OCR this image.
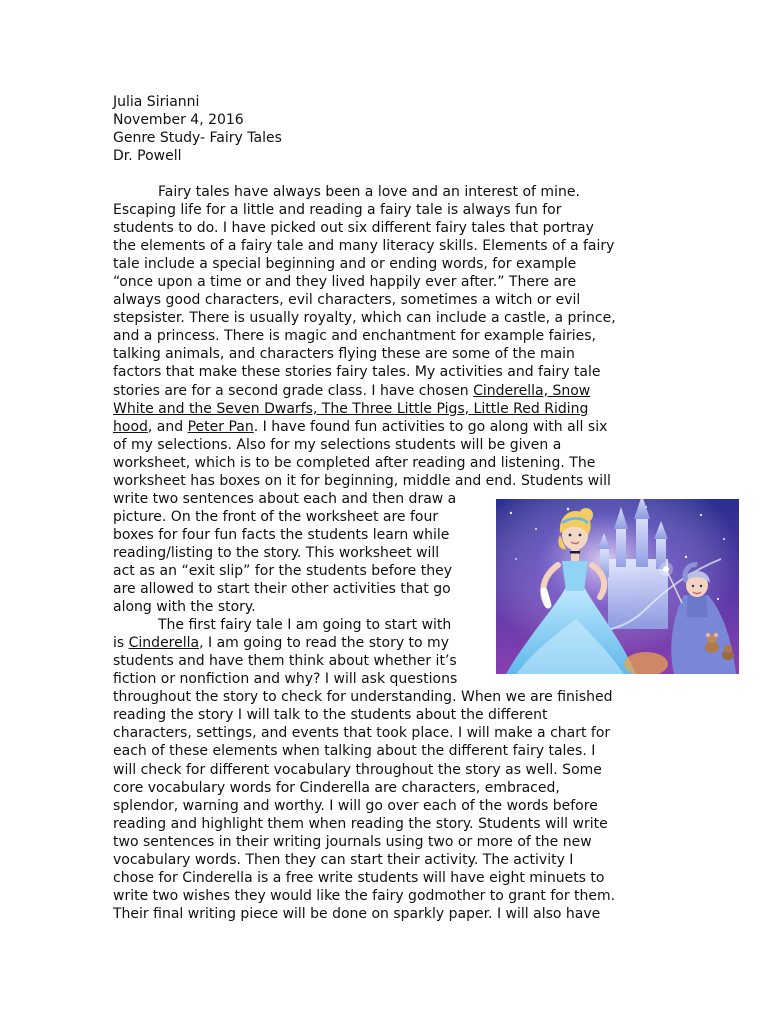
Julia Sirianni
November 4, 2016
Genre Study- Fairy Tales
Dr. Powell
Fairy tales have always been a love and an interest of mine.
Escaping life for a little and reading a fairy tale is always fun for
students to do. I have picked out six different fairy tales that portray
the elements of a fairy tale and many literacy skills. Elements of a fairy
tale include a special beginning and or ending words, for example
“once upon a time or and they lived happily ever after.” There are
always good characters, evil characters, sometimes a witch or evil
stepsister. There is usually royalty, which can include a castle, a prince,
and a princess. There is magic and enchantment for example fairies,
talking animals, and characters flying these are some of the main
factors that make these stories fairy tales. My activities and fairy tale
stories are for a second grade class. I have chosen Cinderella, Snow
White and the Seven Dwarfs, The Three Little Pigs, Little Red Riding
hood, and Peter Pan. I have found fun activities to go along with all six
of my selections. Also for my selections students will be given a
worksheet, which is to be completed after reading and listening. The
worksheet has boxes on it for beginning, middle and end. Students will
write two sentences about each and then draw a
picture. On the front of the worksheet are four
boxes for four fun facts the students learn while
reading/listing to the story. This worksheet will
act as an “exit slip” for the students before they
are allowed to start their other activities that go
along with the story.
The first fairy tale I am going to start with
is Cinderella, I am going to read the story to my
students and have them think about whether it’s
fiction or nonfiction and why? I will ask questions
throughout the story to check for understanding. When we are finished
reading the story I will talk to the students about the different
characters, settings, and events that took place. I will make a chart for
each of these elements when talking about the different fairy tales. I
will check for different vocabulary throughout the story as well. Some
core vocabulary words for Cinderella are characters, embraced,
splendor, warning and worthy. I will go over each of the words before
reading and highlight them when reading the story. Students will write
two sentences in their writing journals using two or more of the new
vocabulary words. Then they can start their activity. The activity I
chose for Cinderella is a free write students will have eight minuets to
write two wishes they would like the fairy godmother to grant for them.
Their final writing piece will be done on sparkly paper. I will also have
